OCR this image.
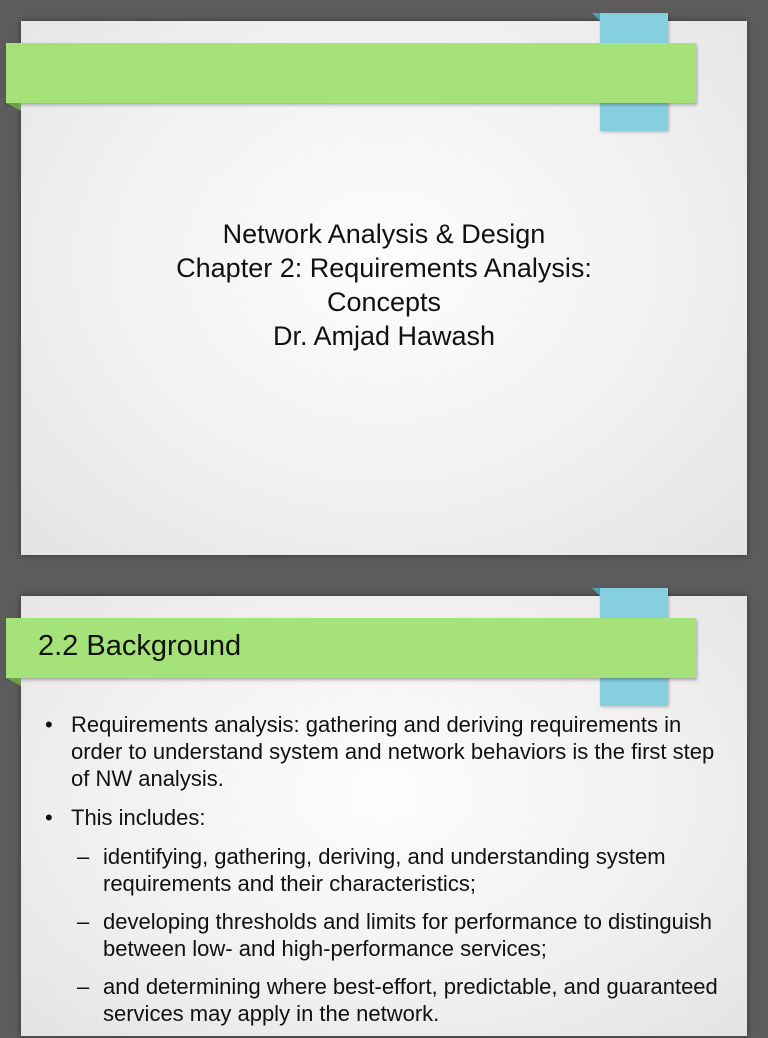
Network Analysis & Design
Chapter 2: Requirements Analysis:
Concepts
Dr. Amjad Hawash
2.2 Background
• Requirements analysis: gathering and deriving requirements in order to understand system and network behaviors is the first step of NW analysis.
• This includes:
– identifying, gathering, deriving, and understanding system requirements and their characteristics;
– developing thresholds and limits for performance to distinguish between low- and high-performance services;
– and determining where best-effort, predictable, and guaranteed services may apply in the network.
